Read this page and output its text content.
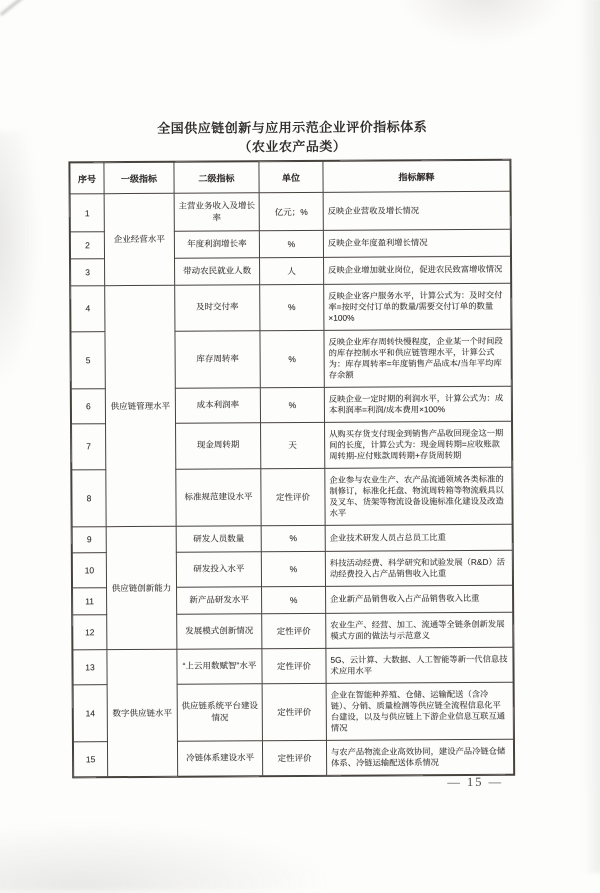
全国供应链创新与应用示范企业评价指标体系
（农业农产品类）
序号	一级指标	二级指标	单位	指标解释
1	企业经营水平	主营业务收入及增长率	亿元；%	反映企业营收及增长情况
2		年度利润增长率	%	反映企业年度盈利增长情况
3		带动农民就业人数	人	反映企业增加就业岗位，促进农民致富增收情况
4	供应链管理水平	及时交付率	%	反映企业客户服务水平，计算公式为：及时交付率=按时交付订单的数量/需要交付订单的数量×100%
5		库存周转率	%	反映企业库存周转快慢程度，企业某一个时间段的库存控制水平和供应链管理水平，计算公式为：库存周转率=年度销售产品成本/当年平均库存余额
6		成本利润率	%	反映企业一定时期的利润水平，计算公式为：成本利润率=利润/成本费用×100%
7		现金周转期	天	从购买存货支付现金到销售产品收回现金这一期间的长度，计算公式为：现金周转期=应收账款周转期-应付账款周转期+存货周转期
8		标准规范建设水平	定性评价	企业参与农业生产、农产品流通领域各类标准的制修订，标准化托盘、物流周转箱等物流载具以及叉车、货架等物流设备设施标准化建设及改造水平
9	供应链创新能力	研发人员数量	%	企业技术研发人员占总员工比重
10		研发投入水平	%	科技活动经费、科学研究和试验发展（R&D）活动经费投入占产品销售收入比重
11		新产品研发水平	%	企业新产品销售收入占产品销售收入比重
12		发展模式创新情况	定性评价	农业生产、经营、加工、流通等全链条创新发展模式方面的做法与示范意义
13	数字供应链水平	“上云用数赋智”水平	定性评价	5G、云计算、大数据、人工智能等新一代信息技术应用水平
14		供应链系统平台建设情况	定性评价	企业在智能种养殖、仓储、运输配送（含冷链）、分销、质量检测等供应链全流程信息化平台建设，以及与供应链上下游企业信息互联互通情况
15		冷链体系建设水平	定性评价	与农产品物流企业高效协同，建设产品冷链仓储体系、冷链运输配送体系情况
— 15 —
